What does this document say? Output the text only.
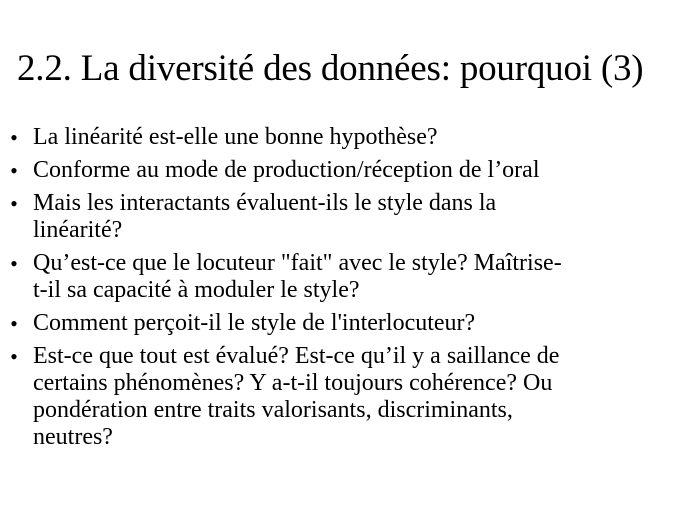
2.2. La diversité des données: pourquoi (3)
• La linéarité est-elle une bonne hypothèse?
• Conforme au mode de production/réception de l’oral
• Mais les interactants évaluent-ils le style dans la
linéarité?
• Qu’est-ce que le locuteur "fait" avec le style? Maîtrise-
t-il sa capacité à moduler le style?
• Comment perçoit-il le style de l'interlocuteur?
• Est-ce que tout est évalué? Est-ce qu’il y a saillance de
certains phénomènes? Y a-t-il toujours cohérence? Ou
pondération entre traits valorisants, discriminants,
neutres?
